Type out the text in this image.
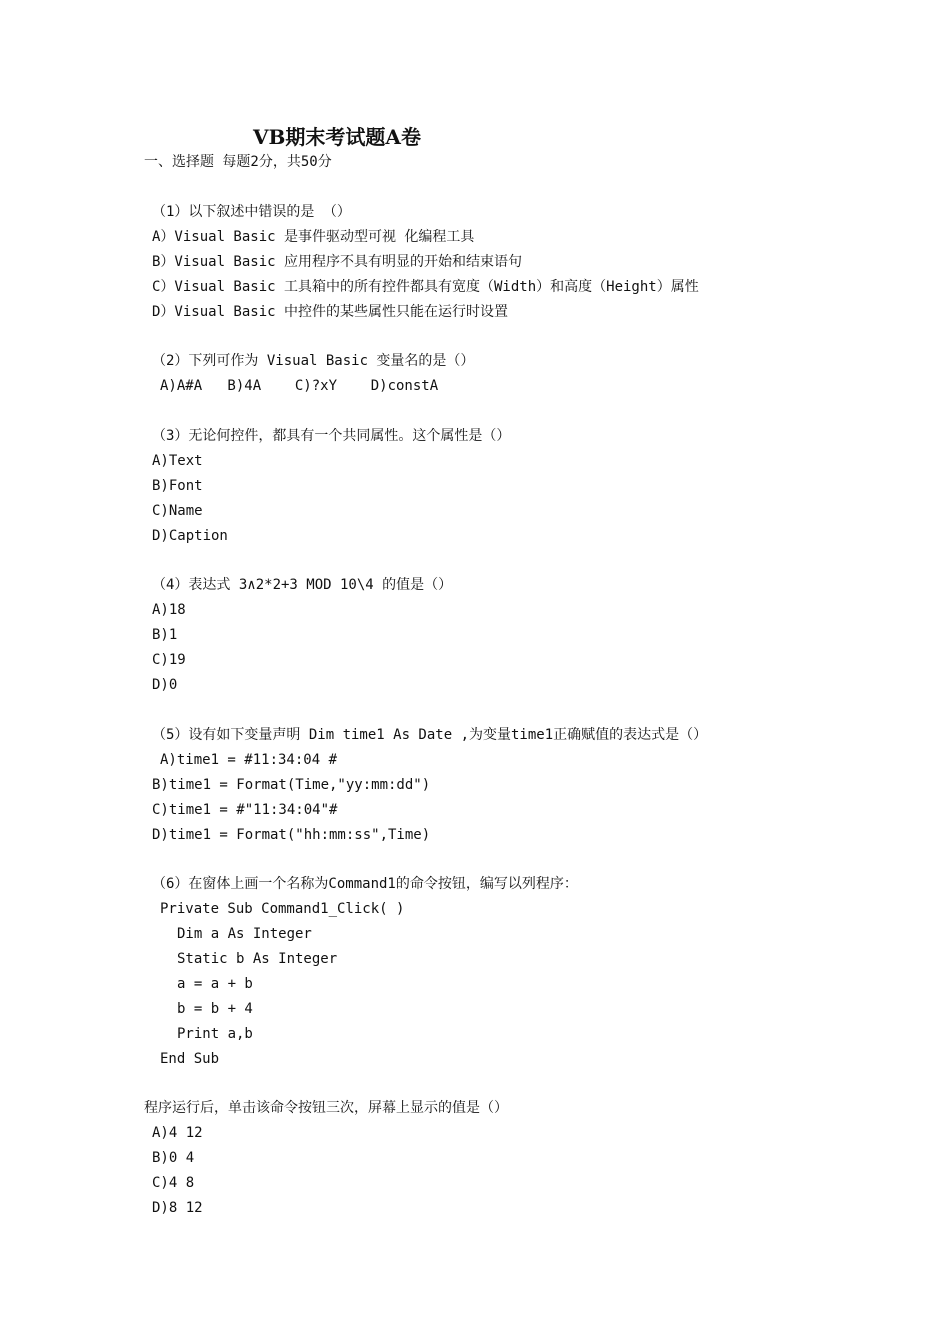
VB期末考试题A卷
一、选择题 每题2分，共50分
（1）以下叙述中错误的是 （）
A）Visual Basic 是事件驱动型可视 化编程工具
B）Visual Basic 应用程序不具有明显的开始和结束语句
C）Visual Basic 工具箱中的所有控件都具有宽度（Width）和高度（Height）属性
D）Visual Basic 中控件的某些属性只能在运行时设置
（2）下列可作为 Visual Basic 变量名的是（）
A)A#A   B)4A    C)?xY    D)constA
（3）无论何控件，都具有一个共同属性。这个属性是（）
A)Text
B)Font
C)Name
D)Caption
（4）表达式 3∧2*2+3 MOD 10\4 的值是（）
A)18
B)1
C)19
D)0
（5）设有如下变量声明 Dim time1 As Date ,为变量time1正确赋值的表达式是（）
A)time1 = #11:34:04 #
B)time1 = Format(Time,"yy:mm:dd")
C)time1 = #"11:34:04"#
D)time1 = Format("hh:mm:ss",Time)
（6）在窗体上画一个名称为Command1的命令按钮，编写以列程序：
Private Sub Command1_Click( )
Dim a As Integer
Static b As Integer
a = a + b
b = b + 4
Print a,b
End Sub
程序运行后，单击该命令按钮三次，屏幕上显示的值是（）
A)4 12
B)0 4
C)4 8
D)8 12
